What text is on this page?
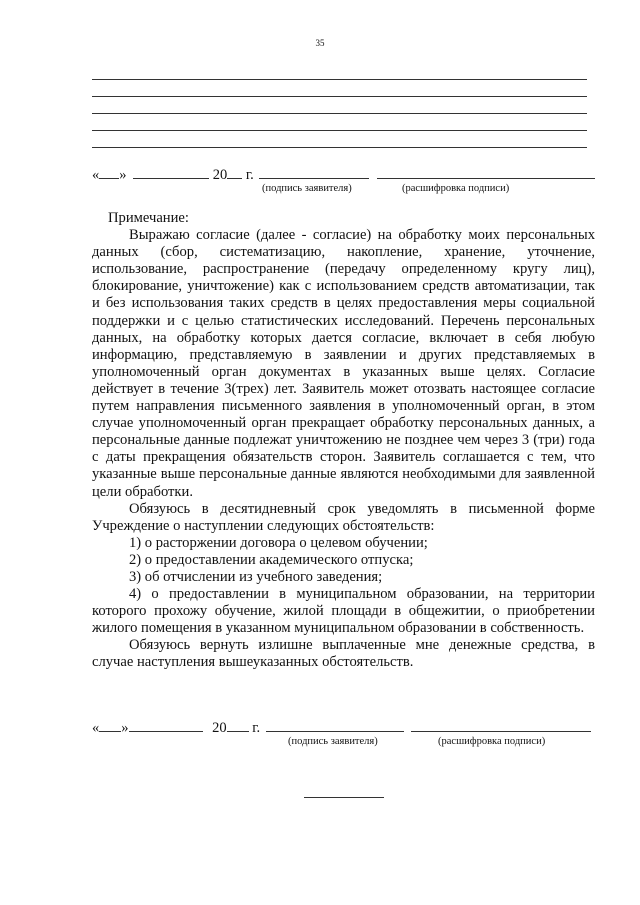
35
« »	20 г.
(подпись заявителя)	(расшифровка подписи)

Примечание:

Выражаю согласие (далее - согласие) на обработку моих персональных данных (сбор, систематизацию, накопление, хранение, уточнение, использование, распространение (передачу определенному кругу лиц), блокирование, уничтожение) как с использованием средств автоматизации, так и без использования таких средств в целях предоставления меры социальной поддержки и с целью статистических исследований. Перечень персональных данных, на обработку которых дается согласие, включает в себя любую информацию, представляемую в заявлении и других представляемых в уполномоченный орган документах в указанных выше целях. Согласие действует в течение 3(трех) лет. Заявитель может отозвать настоящее согласие путем направления письменного заявления в уполномоченный орган, в этом случае уполномоченный орган прекращает обработку персональных данных, а персональные данные подлежат уничтожению не позднее чем через 3 (три) года с даты прекращения обязательств сторон. Заявитель соглашается с тем, что указанные выше персональные данные являются необходимыми для заявленной цели обработки.

Обязуюсь в десятидневный срок уведомлять в письменной форме Учреждение о наступлении следующих обстоятельств:

1) о расторжении договора о целевом обучении;

2) о предоставлении академического отпуска;

3) об отчислении из учебного заведения;

4) о предоставлении в муниципальном образовании, на территории которого прохожу обучение, жилой площади в общежитии, о приобретении жилого помещения в указанном муниципальном образовании в собственность.

Обязуюсь вернуть излишне выплаченные мне денежные средства, в случае наступления вышеуказанных обстоятельств.

« »	20 г.
(подпись заявителя)	(расшифровка подписи)
